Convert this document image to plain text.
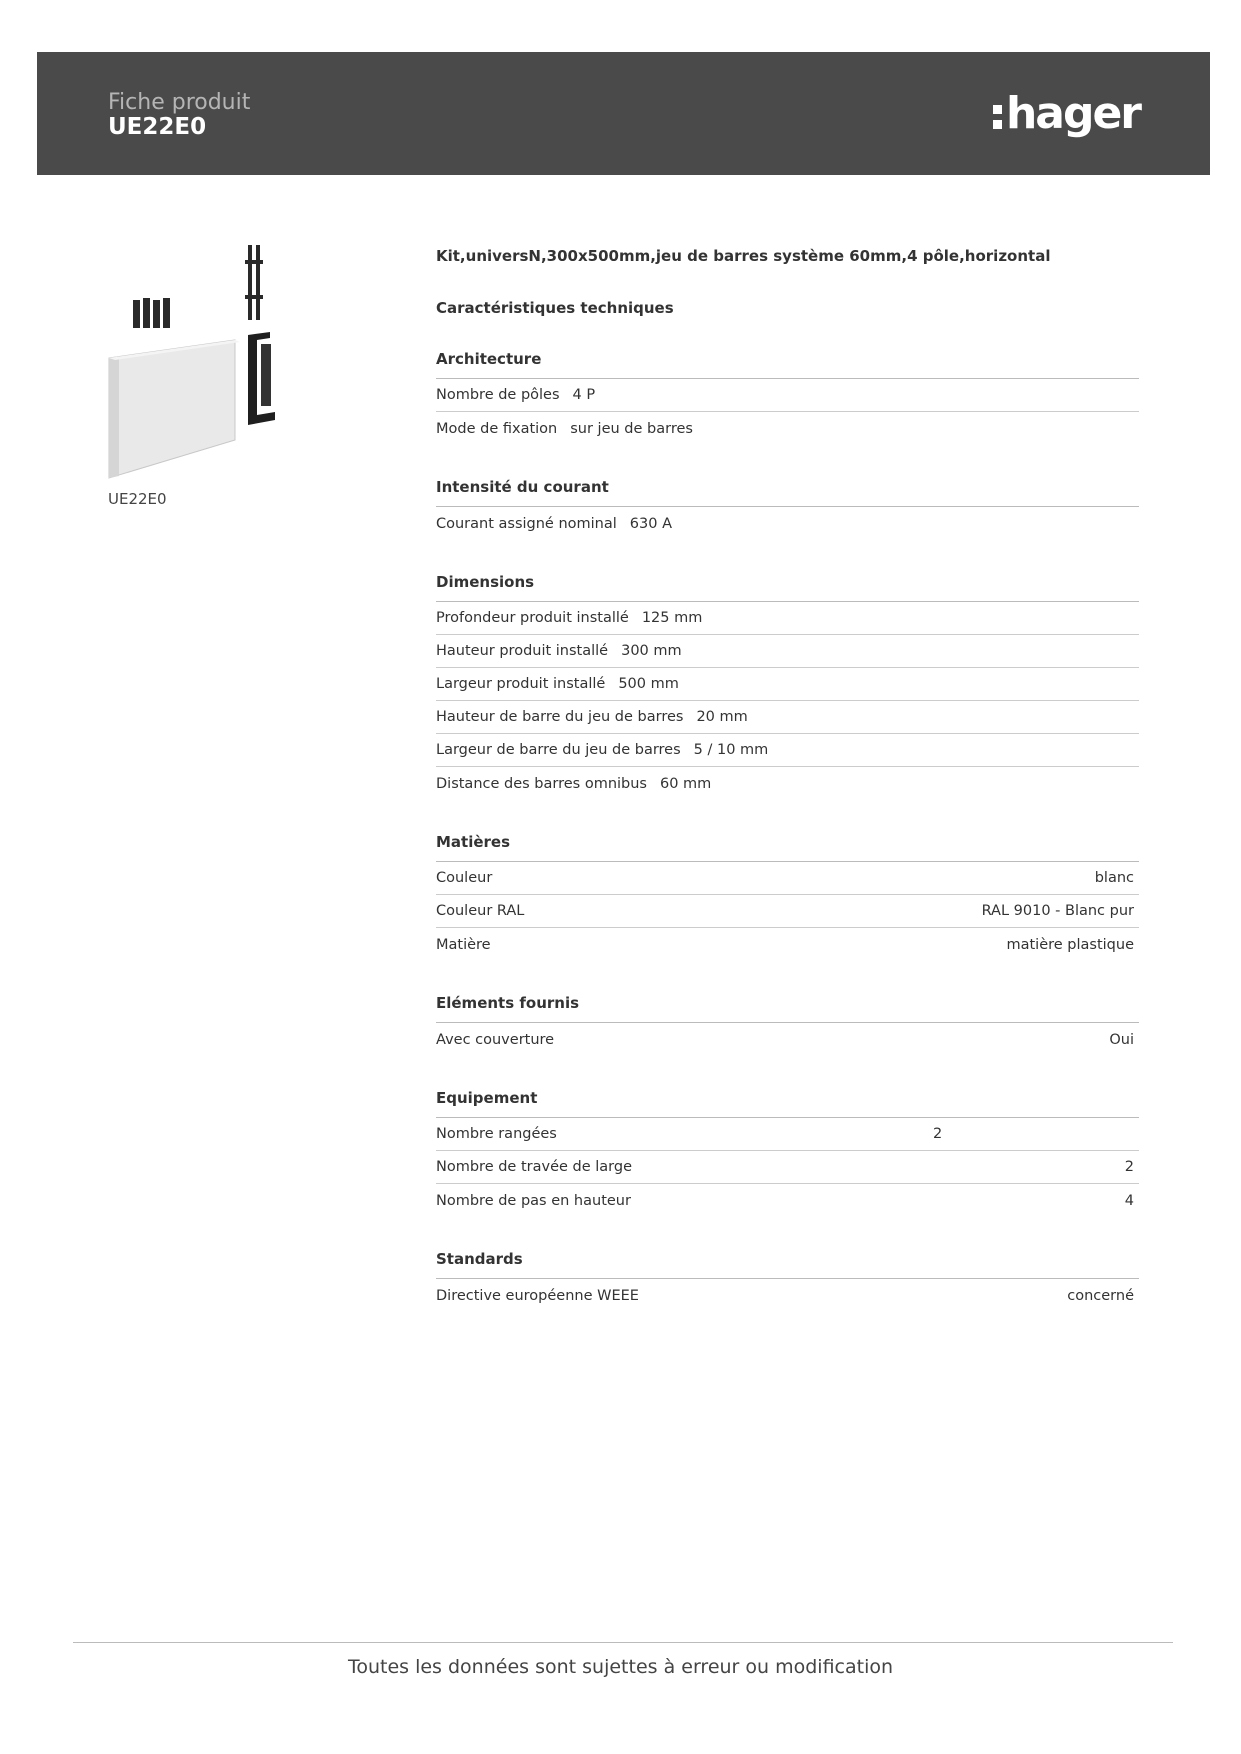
Fiche produit
UE22E0	hager
UE22E0
Kit,universN,300x500mm,jeu de barres système 60mm,4 pôle,horizontal
Caractéristiques techniques
Architecture
Nombre de pôles 4 P
Mode de fixation sur jeu de barres
Intensité du courant
Courant assigné nominal 630 A
Dimensions
Profondeur produit installé 125 mm
Hauteur produit installé 300 mm
Largeur produit installé 500 mm
Hauteur de barre du jeu de barres 20 mm
Largeur de barre du jeu de barres 5 / 10 mm
Distance des barres omnibus 60 mm
Matières
Couleur	blanc
Couleur RAL	RAL 9010 - Blanc pur
Matière	matière plastique
Eléments fournis
Avec couverture	Oui
Equipement
Nombre rangées	2
Nombre de travée de large	2
Nombre de pas en hauteur	4
Standards
Directive européenne WEEE	concerné
Toutes les données sont sujettes à erreur ou modification
